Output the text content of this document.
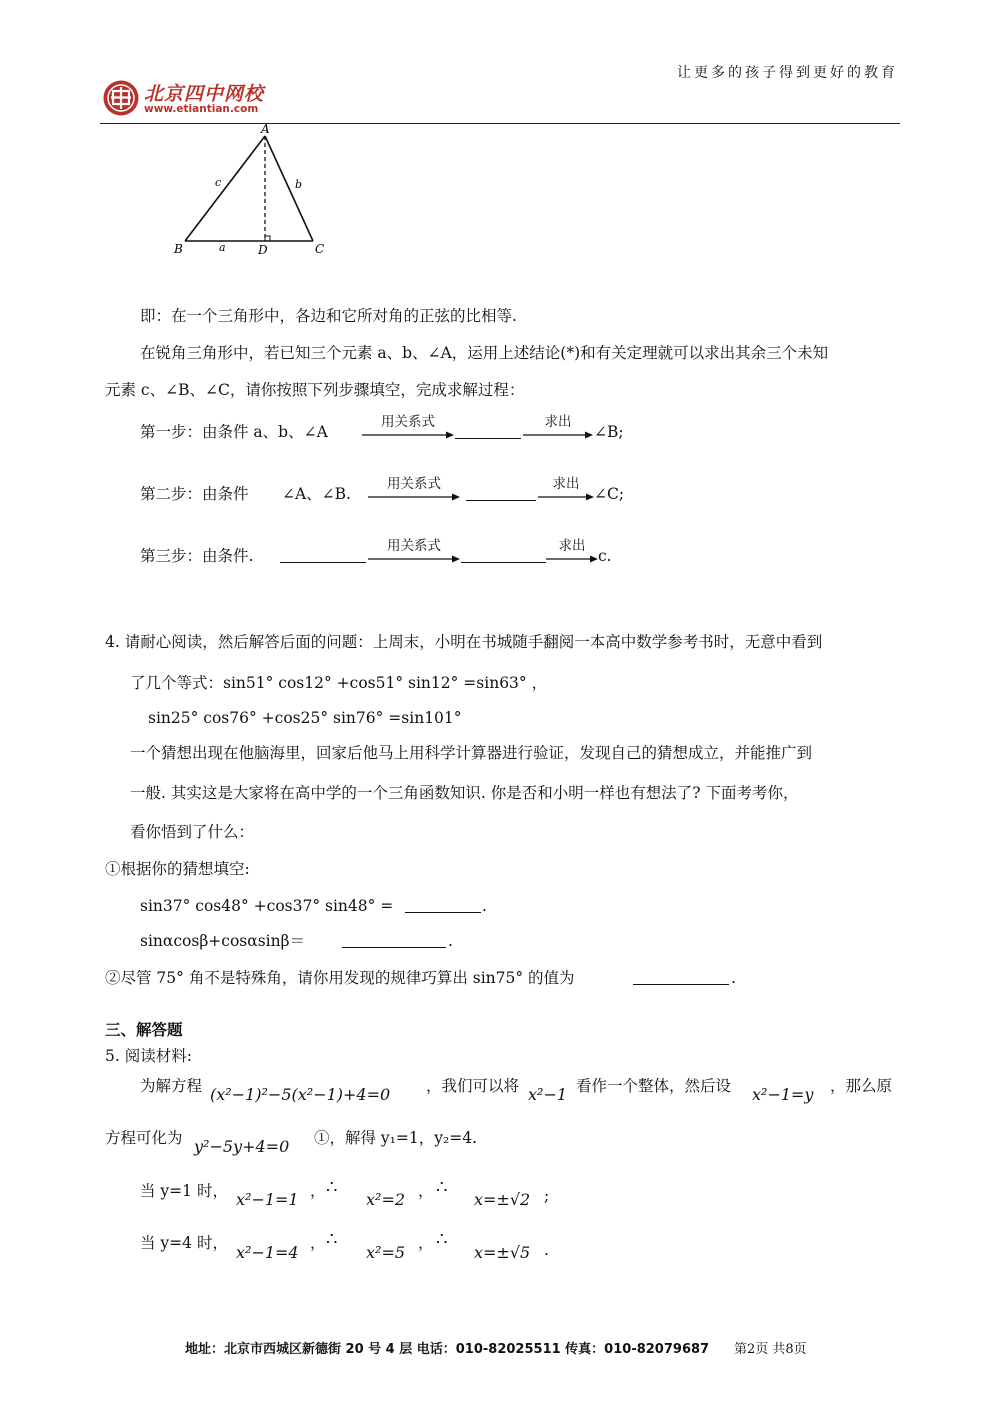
北京四中网校
www.etiantian.com
让更多的孩子得到更好的教育
A
B	C
D
a
b
c
即：在一个三角形中，各边和它所对角的正弦的比相等.
在锐角三角形中，若已知三个元素 a、b、∠A，运用上述结论(*)和有关定理就可以求出其余三个未知
元素 c、∠B、∠C，请你按照下列步骤填空，完成求解过程：
第一步：由条件 a、b、∠A
用关系式	求出
∠B;
第二步：由条件 ∠A、∠B.
用关系式	求出
∠C;
第三步：由条件.
用关系式	求出
c.
4. 请耐心阅读，然后解答后面的问题：上周末，小明在书城随手翻阅一本高中数学参考书时，无意中看到
了几个等式：sin51° cos12° +cos51° sin12° =sin63° ，
sin25° cos76° +cos25° sin76° =sin101°
一个猜想出现在他脑海里，回家后他马上用科学计算器进行验证，发现自己的猜想成立，并能推广到
一般. 其实这是大家将在高中学的一个三角函数知识. 你是否和小明一样也有想法了? 下面考考你，
看你悟到了什么：
①根据你的猜想填空:
sin37° cos48° +cos37° sin48° =	.
sinαcosβ+cosαsinβ＝	.
②尽管 75° 角不是特殊角，请你用发现的规律巧算出 sin75° 的值为	.
三、解答题
5. 阅读材料:
为解方程 (x²−1)²−5(x²−1)+4=0 ，我们可以将 x²−1 看作一个整体，然后设 x²−1=y ，那么原
方程可化为 y²−5y+4=0 ①，解得 y₁=1，y₂=4.
当 y=1 时， x²−1=1 ， ∴
x²=2 ， ∴
x=±√2 ;
当 y=4 时， x²−1=4 ， ∴
x²=5 ， ∴
x=±√5 .
地址：北京市西城区新德街 20 号 4 层 电话：010-82025511 传真：010-82079687 第2页 共8页
